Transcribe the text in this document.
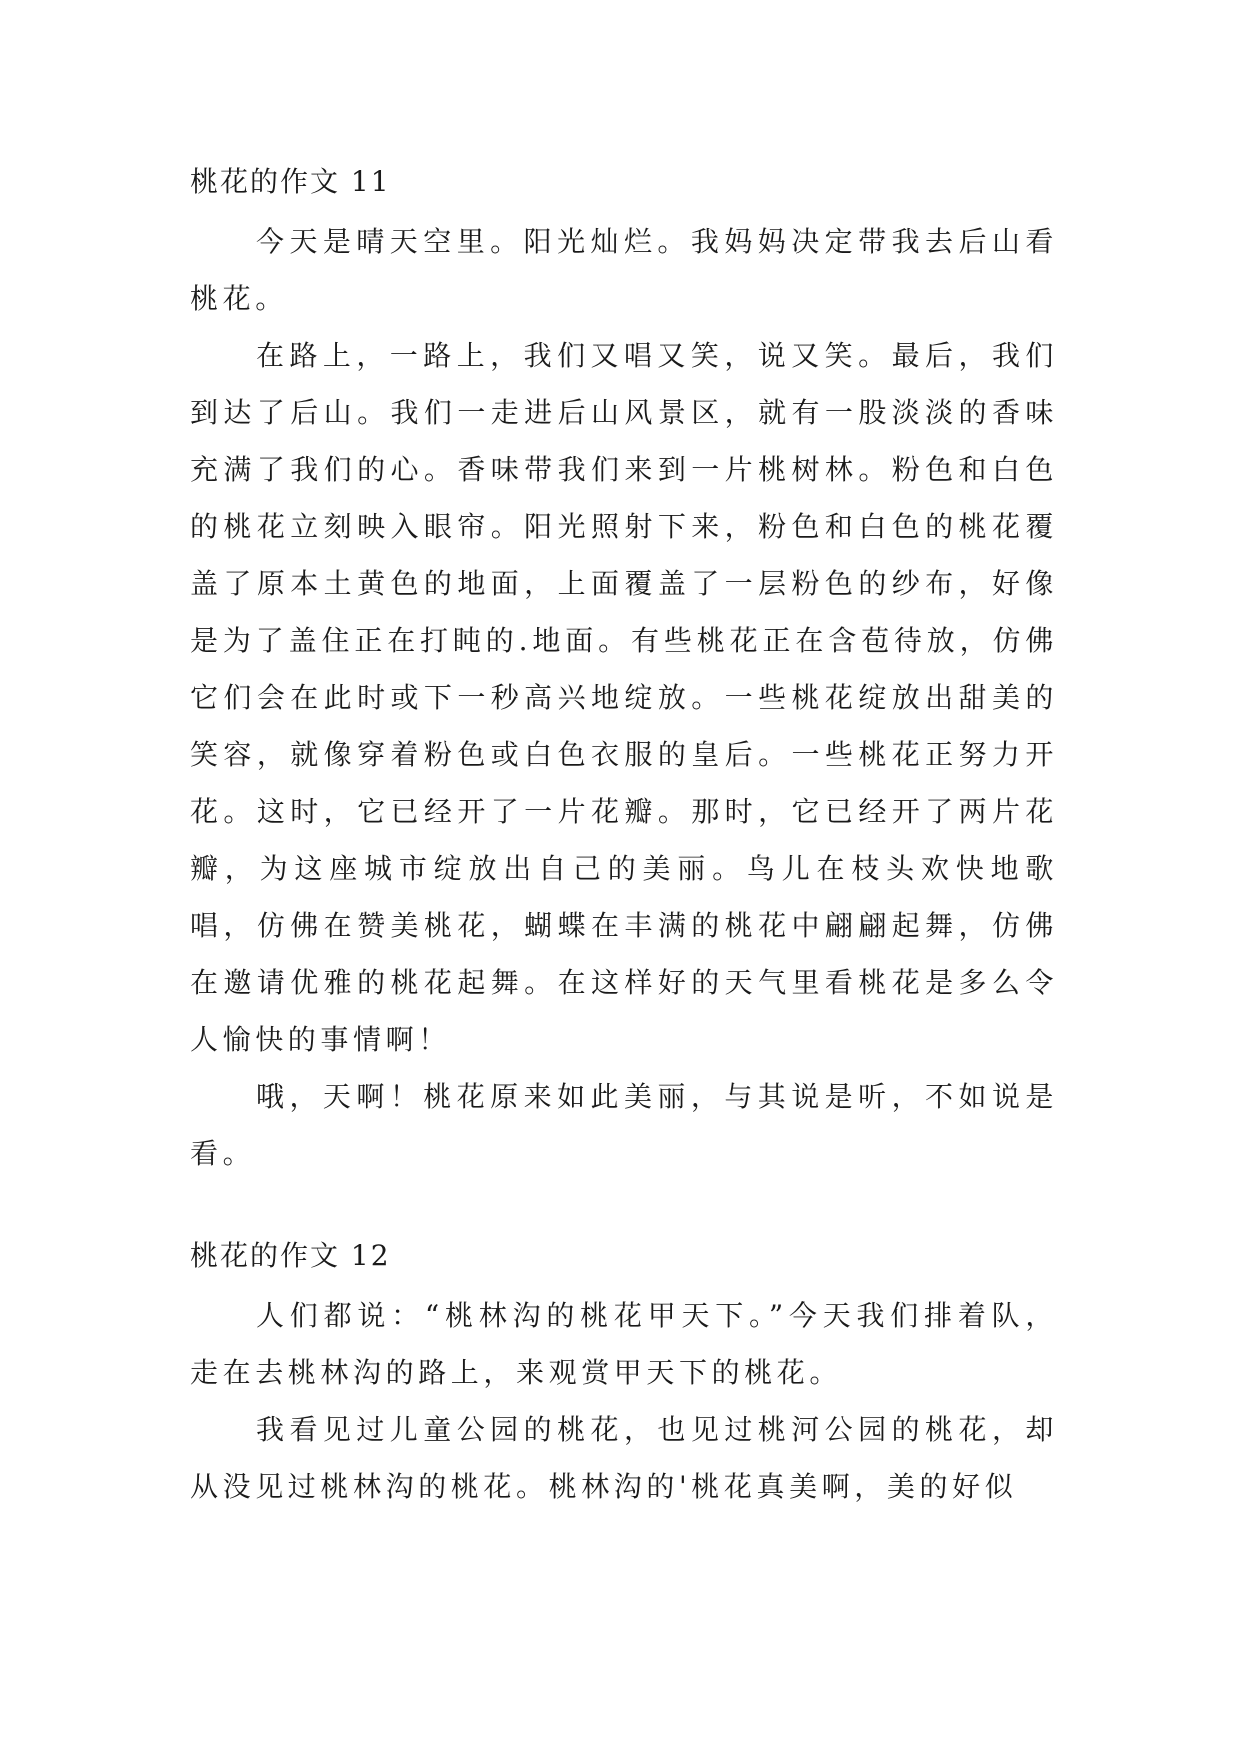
桃花的作文 11

今天是晴天空里。阳光灿烂。我妈妈决定带我去后山看桃花。

在路上，一路上，我们又唱又笑，说又笑。最后，我们到达了后山。我们一走进后山风景区，就有一股淡淡的香味充满了我们的心。香味带我们来到一片桃树林。粉色和白色的桃花立刻映入眼帘。阳光照射下来，粉色和白色的桃花覆盖了原本土黄色的地面，上面覆盖了一层粉色的纱布，好像是为了盖住正在打盹的.地面。有些桃花正在含苞待放，仿佛它们会在此时或下一秒高兴地绽放。一些桃花绽放出甜美的笑容，就像穿着粉色或白色衣服的皇后。一些桃花正努力开花。这时，它已经开了一片花瓣。那时，它已经开了两片花瓣，为这座城市绽放出自己的美丽。鸟儿在枝头欢快地歌唱，仿佛在赞美桃花，蝴蝶在丰满的桃花中翩翩起舞，仿佛在邀请优雅的桃花起舞。在这样好的天气里看桃花是多么令人愉快的事情啊！

哦，天啊！桃花原来如此美丽，与其说是听，不如说是看。

桃花的作文 12

人们都说：“桃林沟的桃花甲天下。”今天我们排着队，走在去桃林沟的路上，来观赏甲天下的桃花。

我看见过儿童公园的桃花，也见过桃河公园的桃花，却从没见过桃林沟的桃花。桃林沟的'桃花真美啊，美的好似
